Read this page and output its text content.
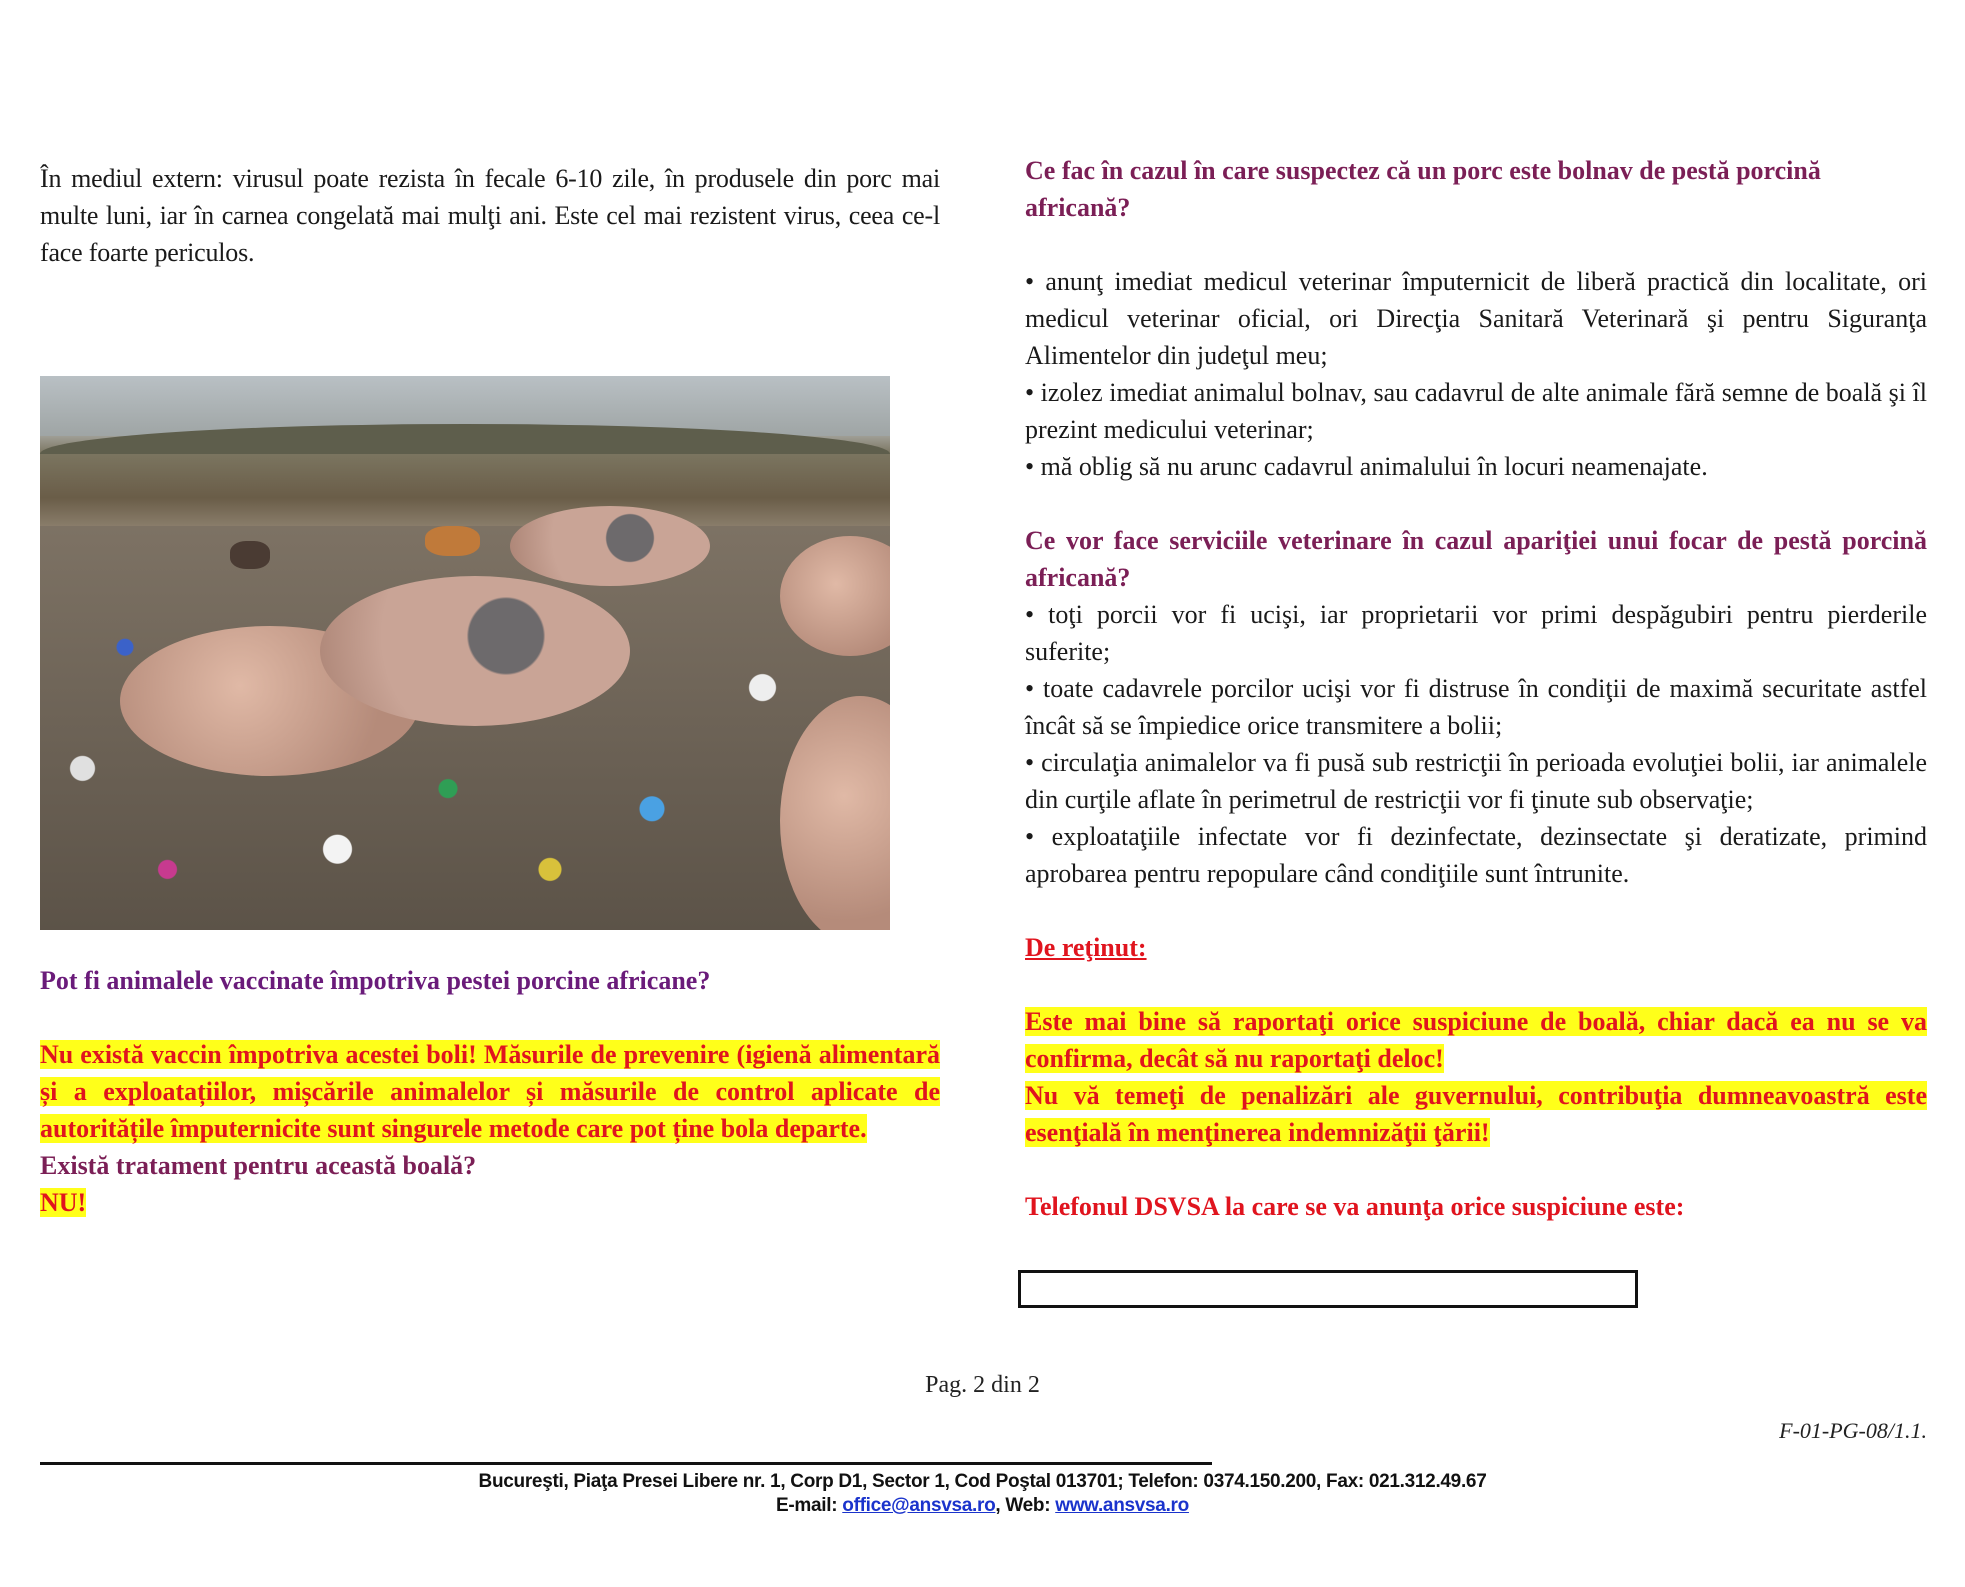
În mediul extern: virusul poate rezista în fecale 6-10 zile, în produsele din porc mai multe luni, iar în carnea congelată mai mulţi ani. Este cel mai rezistent virus, ceea ce-l face foarte periculos.

Pot fi animalele vaccinate împotriva pestei porcine africane?

Nu există vaccin împotriva acestei boli! Măsurile de prevenire (igienă alimentară și a exploatațiilor, mișcările animalelor și măsurile de control aplicate de autoritățile împuternicite sunt singurele metode care pot ține bola departe.

Există tratament pentru această boală?

NU!

Ce fac în cazul în care suspectez că un porc este bolnav de pestă porcină africană?

• anunţ imediat medicul veterinar împuternicit de liberă practică din localitate, ori medicul veterinar oficial, ori Direcţia Sanitară Veterinară şi pentru Siguranţa Alimentelor din judeţul meu;

• izolez imediat animalul bolnav, sau cadavrul de alte animale fără semne de boală şi îl prezint medicului veterinar;

• mă oblig să nu arunc cadavrul animalului în locuri neamenajate.

Ce vor face serviciile veterinare în cazul apariţiei unui focar de pestă porcină africană?

• toţi porcii vor fi ucişi, iar proprietarii vor primi despăgubiri pentru pierderile suferite;

• toate cadavrele porcilor ucişi vor fi distruse în condiţii de maximă securitate astfel încât să se împiedice orice transmitere a bolii;

• circulaţia animalelor va fi pusă sub restricţii în perioada evoluţiei bolii, iar animalele din curţile aflate în perimetrul de restricţii vor fi ţinute sub observaţie;

• exploataţiile infectate vor fi dezinfectate, dezinsectate şi deratizate, primind aprobarea pentru repopulare când condiţiile sunt întrunite.

De reţinut:

Este mai bine să raportaţi orice suspiciune de boală, chiar dacă ea nu se va confirma, decât să nu raportaţi deloc!

Nu vă temeţi de penalizări ale guvernului, contribuţia dumneavoastră este esenţială în menţinerea indemnizăţii ţării!

Telefonul DSVSA la care se va anunţa orice suspiciune este:

Pag. 2 din 2
F-01-PG-08/1.1.
Bucureşti, Piaţa Presei Libere nr. 1, Corp D1, Sector 1, Cod Poştal 013701; Telefon: 0374.150.200, Fax: 021.312.49.67
E-mail: office@ansvsa.ro, Web: www.ansvsa.ro
